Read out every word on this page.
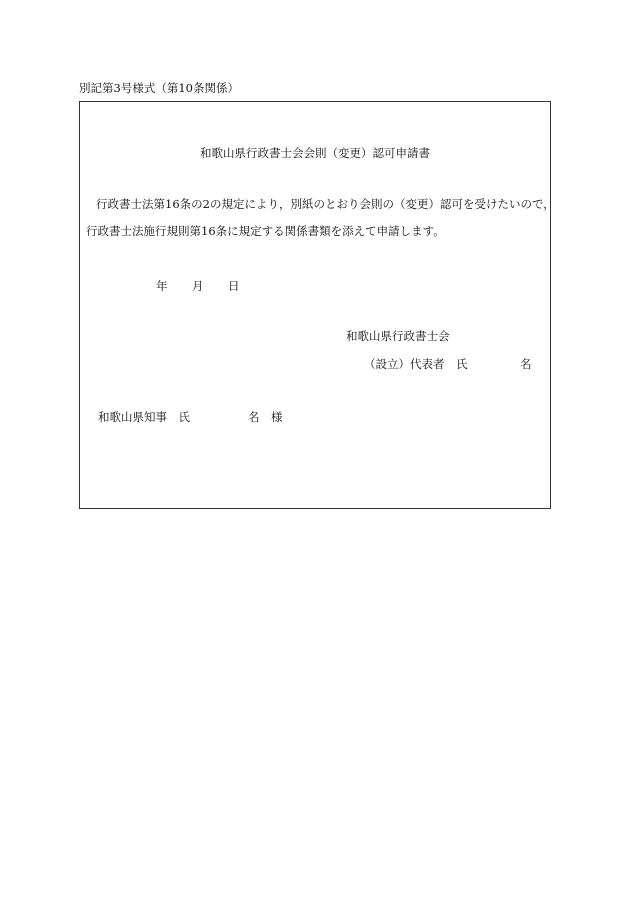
別記第3号様式（第10条関係）
和歌山県行政書士会会則（変更）認可申請書
行政書士法第16条の2の規定により，別紙のとおり会則の（変更）認可を受けたいので，
行政書士法施行規則第16条に規定する関係書類を添えて申請します。
年 月 日
和歌山県行政書士会
（設立）代表者　氏	名
和歌山県知事　氏	名　様
